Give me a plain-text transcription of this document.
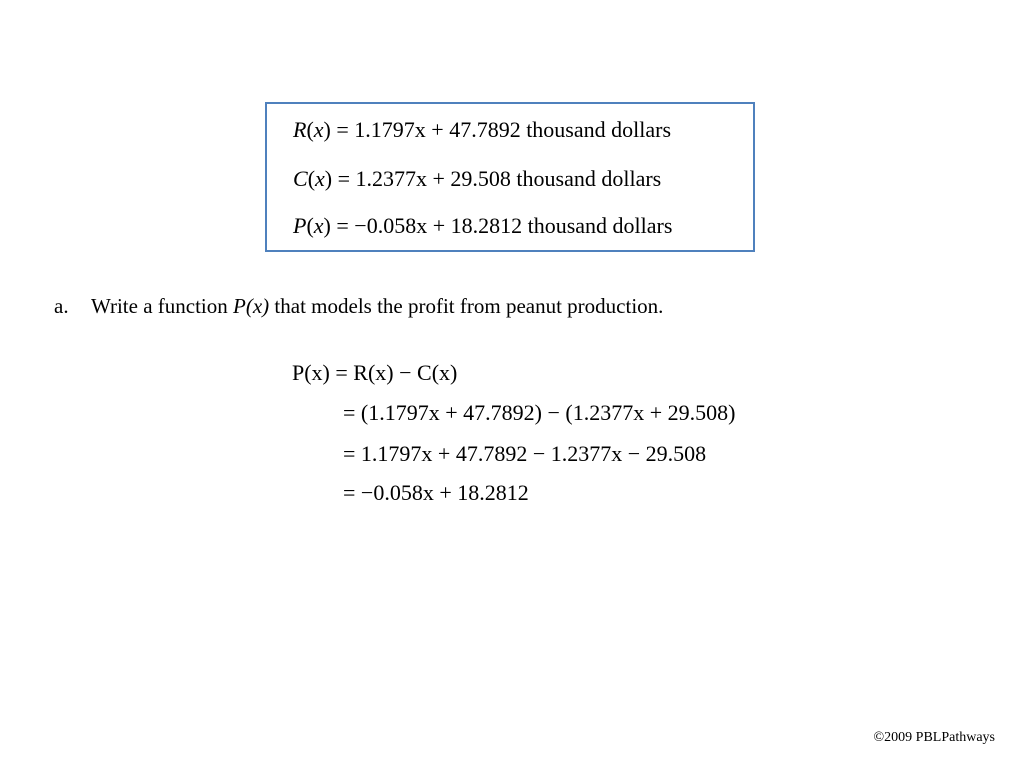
R(x) = 1.1797x + 47.7892 thousand dollars
C(x) = 1.2377x + 29.508 thousand dollars
P(x) = −0.058x + 18.2812 thousand dollars
a. Write a function P(x) that models the profit from peanut production.
P(x) = R(x) − C(x)
= (1.1797x + 47.7892) − (1.2377x + 29.508)
= 1.1797x + 47.7892 − 1.2377x − 29.508
= −0.058x + 18.2812
©2009 PBLPathways
